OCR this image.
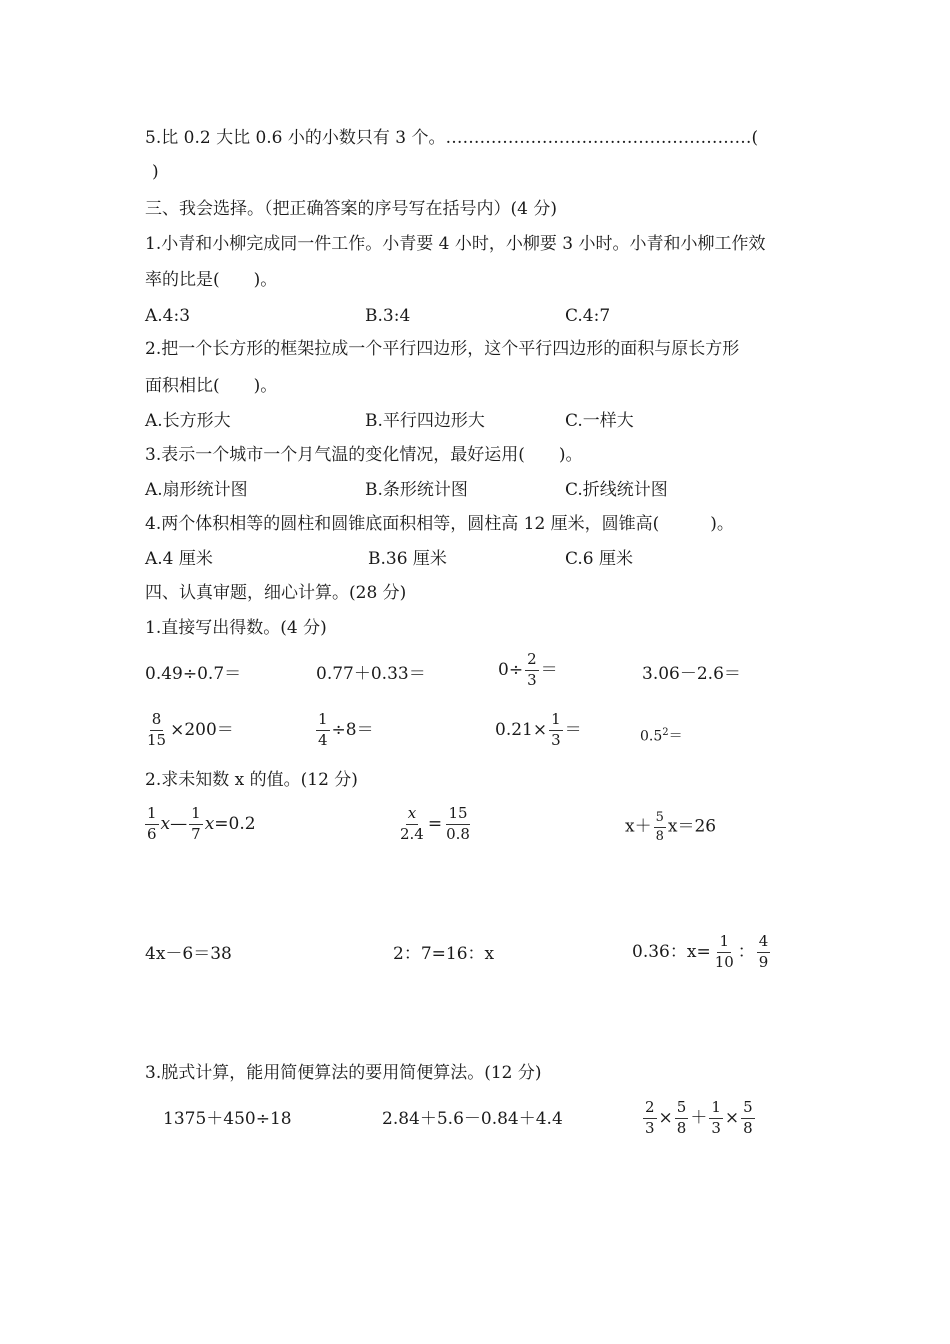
5.比 0.2 大比 0.6 小的小数只有 3 个。………………………………………………(
)
三、我会选择。（把正确答案的序号写在括号内）(4 分)
1.小青和小柳完成同一件工作。小青要 4 小时，小柳要 3 小时。小青和小柳工作效
率的比是(　　)。
A.4:3	B.3:4	C.4:7
2.把一个长方形的框架拉成一个平行四边形，这个平行四边形的面积与原长方形
面积相比(　　)。
A.长方形大	B.平行四边形大	C.一样大
3.表示一个城市一个月气温的变化情况，最好运用(　　)。
A.扇形统计图	B.条形统计图	C.折线统计图
4.两个体积相等的圆柱和圆锥底面积相等，圆柱高 12 厘米，圆锥高(　　　)。
A.4 厘米	B.36 厘米	C.6 厘米
四、认真审题，细心计算。(28 分)
1.直接写出得数。(4 分)
0.49÷0.7＝	0.77＋0.33＝	$0\div \frac{2}{3}$ ＝	3.06－2.6＝
$\frac{8}{15} \times 200=$	$\frac{1}{4} \div 8=$	$0.21\times \frac{1}{3}$ ＝	$0.5^2=$
2.求未知数 x 的值。(12 分)
$\frac{1}{6}$ x— $\frac{1}{7} x=0.2$	$\frac{x}{2.4} = \frac{15}{0.8}$	$x+ \frac{5}{8} x=26$
4x－6＝38	2：7=16：x	0.36：$x= \frac{1}{10}$ ： $\frac{4}{9}$
3.脱式计算，能用简便算法的要用简便算法。(12 分)
1375＋450÷18	2.84＋5.6－0.84＋4.4	$\frac{2}{3} \times \frac{5}{8} + \frac{1}{3} \times \frac{5}{8}$
